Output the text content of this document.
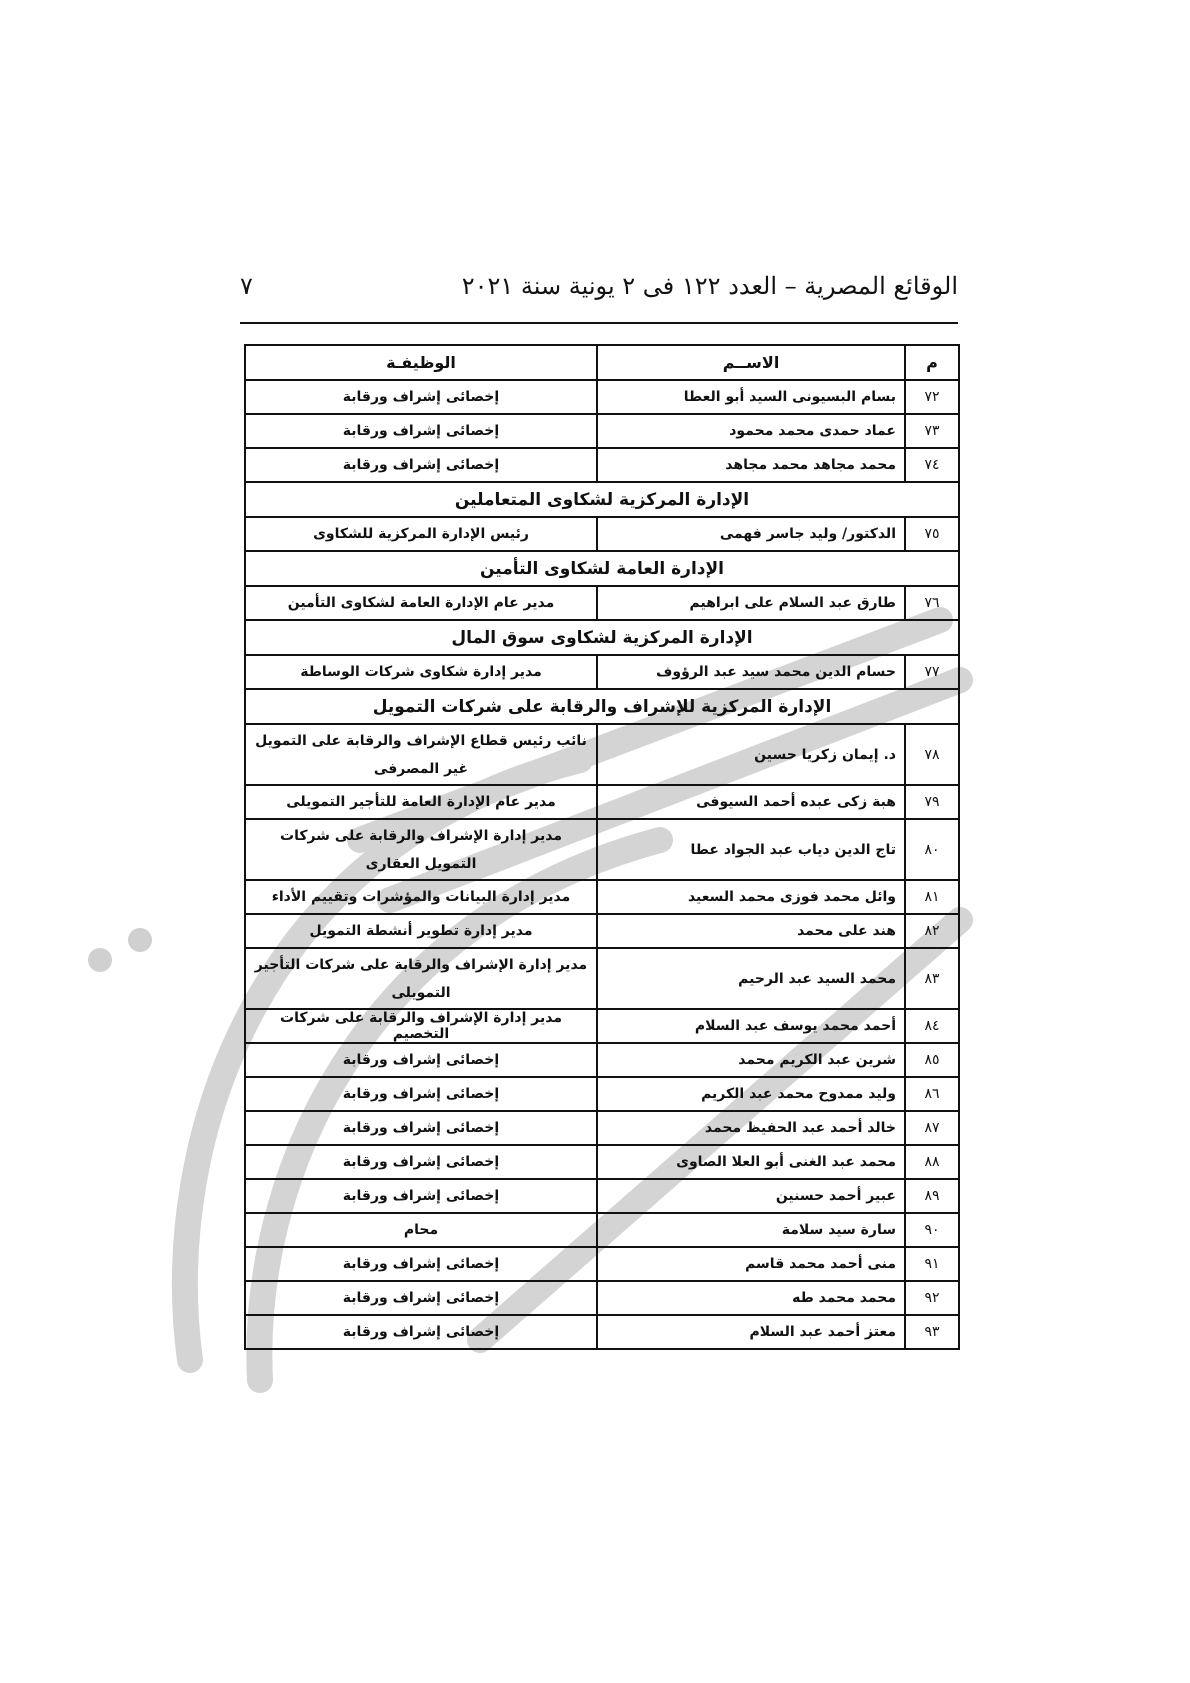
الوقائع المصرية – العدد ١٢٢ فى ٢ يونية سنة ٢٠٢١
٧
م	الاســم	الوظيفـة
٧٢	بسام البسيونى السيد أبو العطا	إخصائى إشراف ورقابة
٧٣	عماد حمدى محمد محمود	إخصائى إشراف ورقابة
٧٤	محمد مجاهد محمد مجاهد	إخصائى إشراف ورقابة
الإدارة المركزية لشكاوى المتعاملين		
٧٥	الدكتور/ وليد جاسر فهمى	رئيس الإدارة المركزية للشكاوى
الإدارة العامة لشكاوى التأمين		
٧٦	طارق عبد السلام على ابراهيم	مدير عام الإدارة العامة لشكاوى التأمين
الإدارة المركزية لشكاوى سوق المال		
٧٧	حسام الدين محمد سيد عبد الرؤوف	مدير إدارة شكاوى شركات الوساطة
الإدارة المركزية للإشراف والرقابة على شركات التمويل		
٧٨	د. إيمان زكريا حسين	نائب رئيس قطاع الإشراف والرقابة على التمويل غير المصرفى
٧٩	هبة زكى عبده أحمد السيوفى	مدير عام الإدارة العامة للتأجير التمويلى
٨٠	تاج الدين دياب عبد الجواد عطا	مدير إدارة الإشراف والرقابة على شركات التمويل العقارى
٨١	وائل محمد فوزى محمد السعيد	مدير إدارة البيانات والمؤشرات وتقييم الأداء
٨٢	هند على محمد	مدير إدارة تطوير أنشطة التمويل
٨٣	محمد السيد عبد الرحيم	مدير إدارة الإشراف والرقابة على شركات التأجير التمويلى
٨٤	أحمد محمد يوسف عبد السلام	مدير إدارة الإشراف والرقابة على شركات التخصيم
٨٥	شرين عبد الكريم محمد	إخصائى إشراف ورقابة
٨٦	وليد ممدوح محمد عبد الكريم	إخصائى إشراف ورقابة
٨٧	خالد أحمد عبد الحفيظ محمد	إخصائى إشراف ورقابة
٨٨	محمد عبد الغنى أبو العلا الصاوى	إخصائى إشراف ورقابة
٨٩	عبير أحمد حسنين	إخصائى إشراف ورقابة
٩٠	سارة سيد سلامة	محام
٩١	منى أحمد محمد قاسم	إخصائى إشراف ورقابة
٩٢	محمد محمد طه	إخصائى إشراف ورقابة
٩٣	معتز أحمد عبد السلام	إخصائى إشراف ورقابة
